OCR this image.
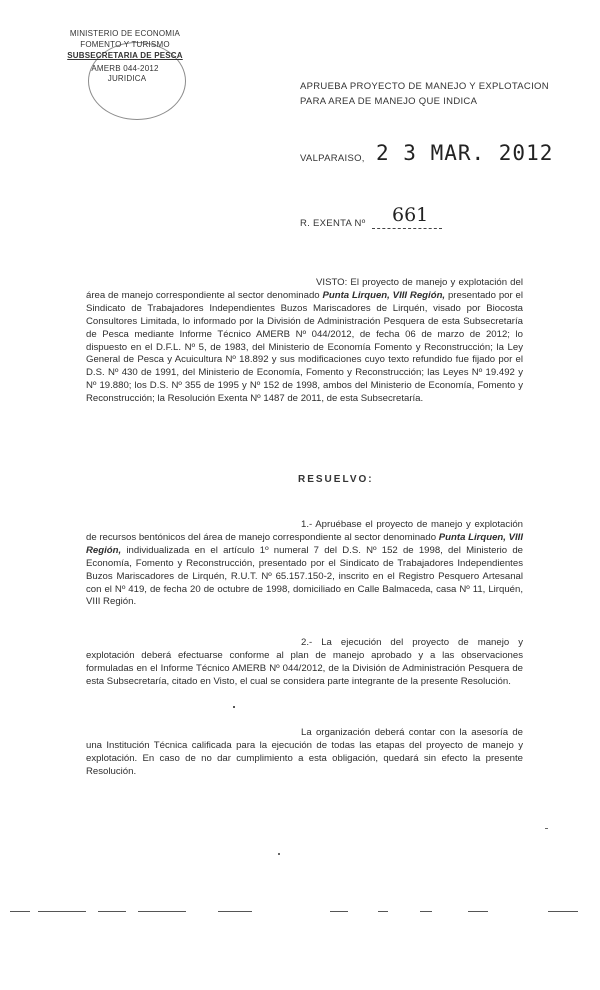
MINISTERIO DE ECONOMIA
FOMENTO Y TURISMO
SUBSECRETARIA DE PESCA
AMERB 044-2012
JURIDICA
APRUEBA PROYECTO DE MANEJO Y EXPLOTACION
PARA AREA DE MANEJO QUE INDICA
VALPARAISO, 2 3 MAR. 2012
R. EXENTA Nº 661
VISTO: El proyecto de manejo y explotación del área de manejo correspondiente al sector denominado Punta Lirquen, VIII Región, presentado por el Sindicato de Trabajadores Independientes Buzos Mariscadores de Lirquén, visado por Biocosta Consultores Limitada, lo informado por la División de Administración Pesquera de esta Subsecretaría de Pesca mediante Informe Técnico AMERB Nº 044/2012, de fecha 06 de marzo de 2012; lo dispuesto en el D.F.L. Nº 5, de 1983, del Ministerio de Economía Fomento y Reconstrucción; la Ley General de Pesca y Acuicultura Nº 18.892 y sus modificaciones cuyo texto refundido fue fijado por el D.S. Nº 430 de 1991, del Ministerio de Economía, Fomento y Reconstrucción; las Leyes Nº 19.492 y Nº 19.880; los D.S. Nº 355 de 1995 y Nº 152 de 1998, ambos del Ministerio de Economía, Fomento y Reconstrucción; la Resolución Exenta Nº 1487 de 2011, de esta Subsecretaría.
RESUELVO:
1.- Apruébase el proyecto de manejo y explotación de recursos bentónicos del área de manejo correspondiente al sector denominado Punta Lirquen, VIII Región, individualizada en el artículo 1º numeral 7 del D.S. Nº 152 de 1998, del Ministerio de Economía, Fomento y Reconstrucción, presentado por el Sindicato de Trabajadores Independientes Buzos Mariscadores de Lirquén, R.U.T. Nº 65.157.150-2, inscrito en el Registro Pesquero Artesanal con el Nº 419, de fecha 20 de octubre de 1998, domiciliado en Calle Balmaceda, casa Nº 11, Lirquén, VIII Región.
2.- La ejecución del proyecto de manejo y explotación deberá efectuarse conforme al plan de manejo aprobado y a las observaciones formuladas en el Informe Técnico AMERB Nº 044/2012, de la División de Administración Pesquera de esta Subsecretaría, citado en Visto, el cual se considera parte integrante de la presente Resolución.
La organización deberá contar con la asesoría de una Institución Técnica calificada para la ejecución de todas las etapas del proyecto de manejo y explotación. En caso de no dar cumplimiento a esta obligación, quedará sin efecto la presente Resolución.
